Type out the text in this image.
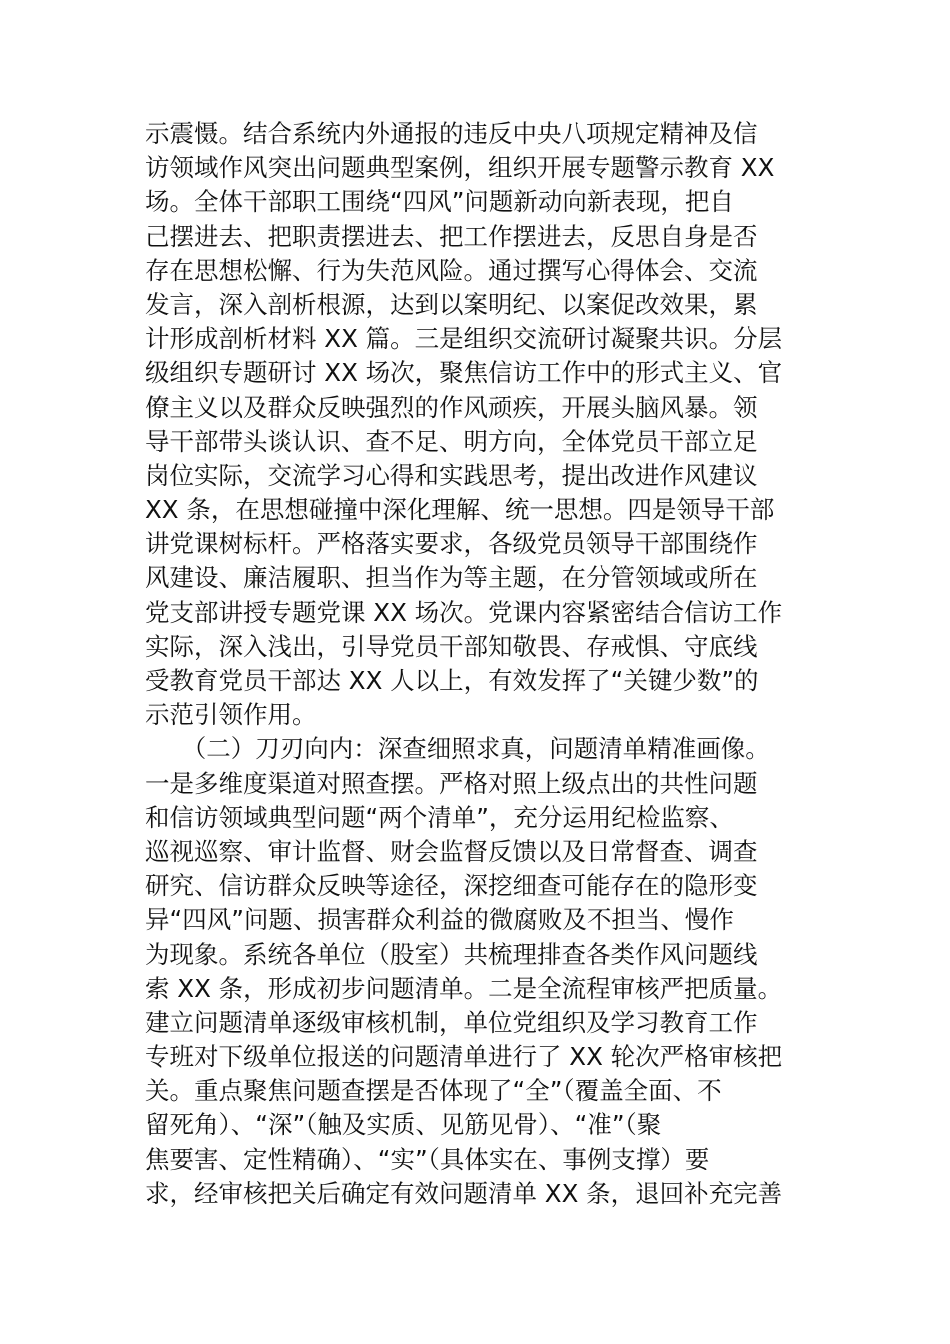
示震慑。结合系统内外通报的违反中央八项规定精神及信
访领域作风突出问题典型案例，组织开展专题警示教育 XX
场。全体干部职工围绕“四风”问题新动向新表现，把自
己摆进去、把职责摆进去、把工作摆进去，反思自身是否
存在思想松懈、行为失范风险。通过撰写心得体会、交流
发言，深入剖析根源，达到以案明纪、以案促改效果，累
计形成剖析材料 XX 篇。三是组织交流研讨凝聚共识。分层
级组织专题研讨 XX 场次，聚焦信访工作中的形式主义、官
僚主义以及群众反映强烈的作风顽疾，开展头脑风暴。领
导干部带头谈认识、查不足、明方向，全体党员干部立足
岗位实际，交流学习心得和实践思考，提出改进作风建议
XX 条，在思想碰撞中深化理解、统一思想。四是领导干部
讲党课树标杆。严格落实要求，各级党员领导干部围绕作
风建设、廉洁履职、担当作为等主题，在分管领域或所在
党支部讲授专题党课 XX 场次。党课内容紧密结合信访工作
实际，深入浅出，引导党员干部知敬畏、存戒惧、守底线
受教育党员干部达 XX 人以上，有效发挥了“关键少数”的
示范引领作用。
　　（二）刀刃向内：深查细照求真，问题清单精准画像。
一是多维度渠道对照查摆。严格对照上级点出的共性问题
和信访领域典型问题“两个清单”，充分运用纪检监察、
巡视巡察、审计监督、财会监督反馈以及日常督查、调查
研究、信访群众反映等途径，深挖细查可能存在的隐形变
异“四风”问题、损害群众利益的微腐败及不担当、慢作
为现象。系统各单位（股室）共梳理排查各类作风问题线
索 XX 条，形成初步问题清单。二是全流程审核严把质量。
建立问题清单逐级审核机制，单位党组织及学习教育工作
专班对下级单位报送的问题清单进行了 XX 轮次严格审核把
关。重点聚焦问题查摆是否体现了“全”（覆盖全面、不
留死角）、“深”（触及实质、见筋见骨）、“准”（聚
焦要害、定性精确）、“实”（具体实在、事例支撑）要
求，经审核把关后确定有效问题清单 XX 条，退回补充完善
